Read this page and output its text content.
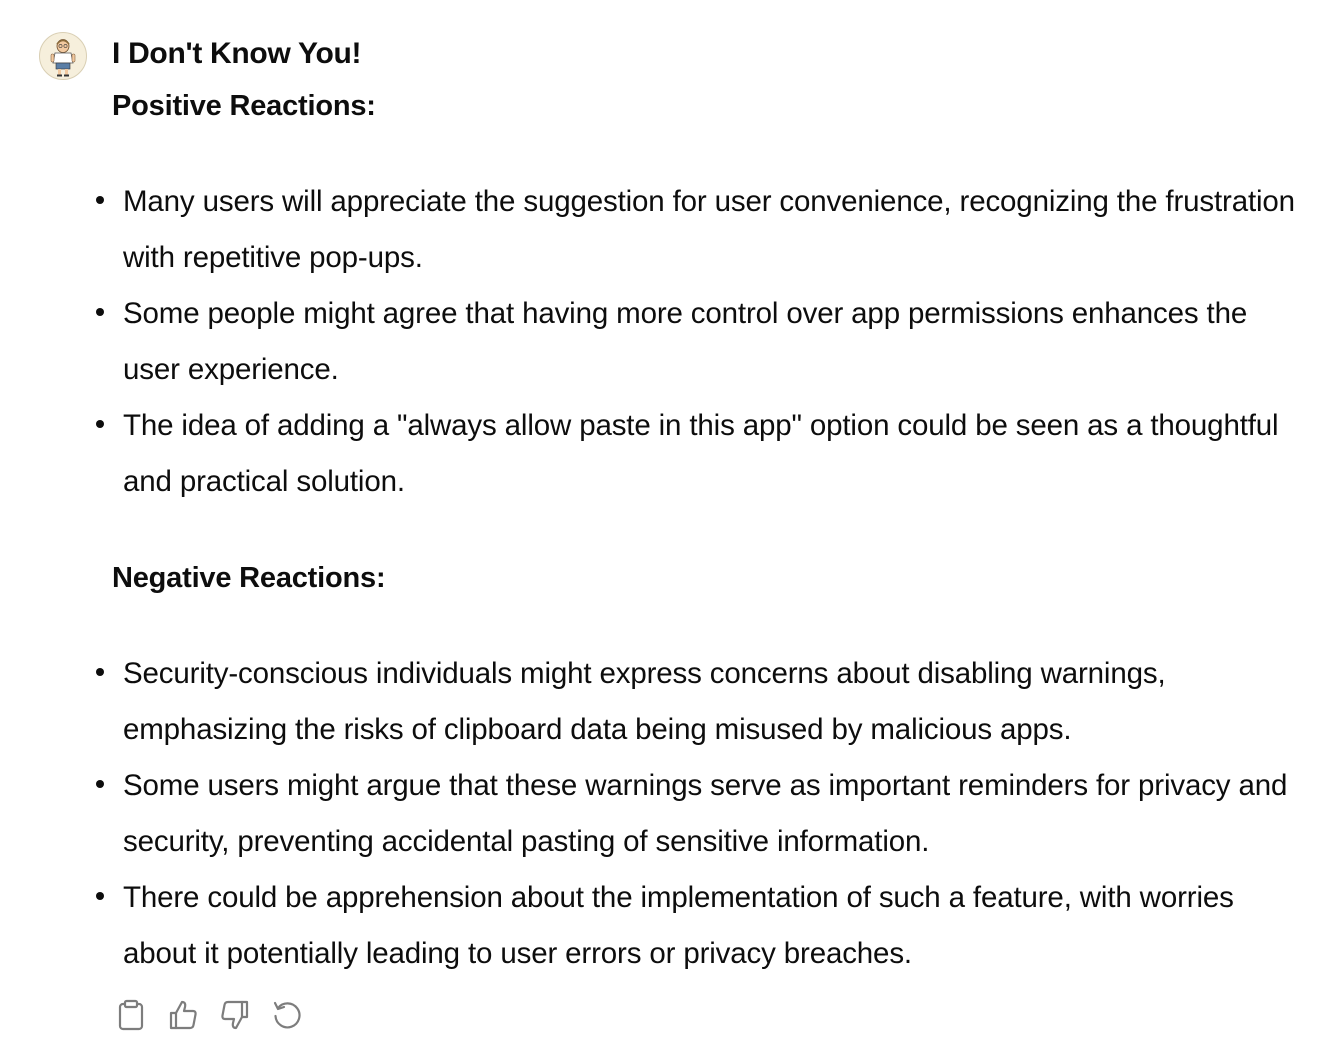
I Don't Know You!
Positive Reactions:
Many users will appreciate the suggestion for user convenience, recognizing the frustration with repetitive pop-ups.
Some people might agree that having more control over app permissions enhances the user experience.
The idea of adding a "always allow paste in this app" option could be seen as a thoughtful and practical solution.
Negative Reactions:
Security-conscious individuals might express concerns about disabling warnings, emphasizing the risks of clipboard data being misused by malicious apps.
Some users might argue that these warnings serve as important reminders for privacy and security, preventing accidental pasting of sensitive information.
There could be apprehension about the implementation of such a feature, with worries about it potentially leading to user errors or privacy breaches.
